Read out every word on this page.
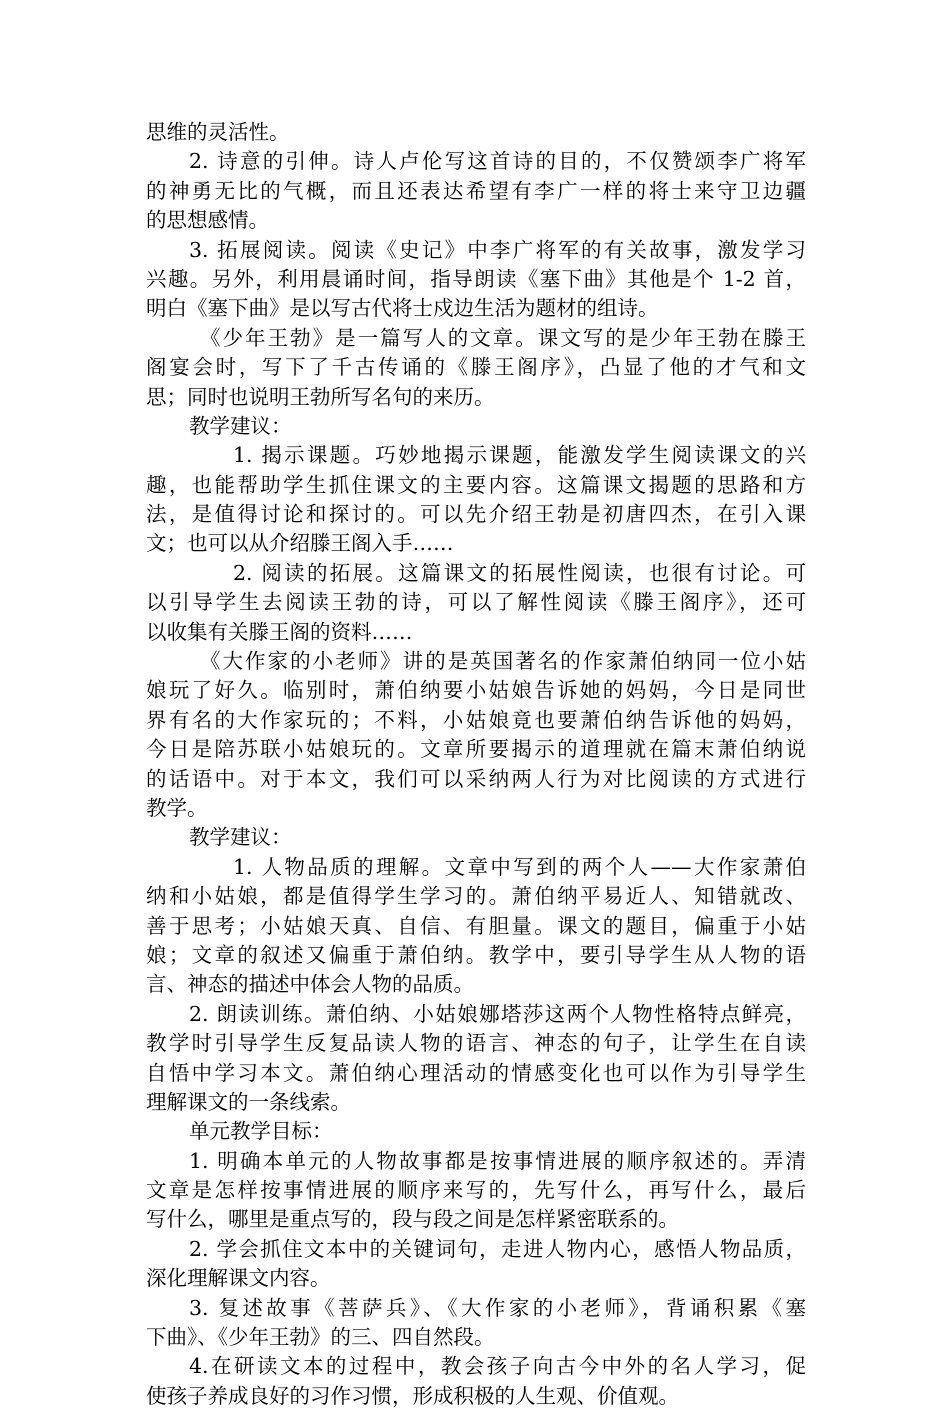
思维的灵活性。
2. 诗意的引伸。诗人卢伦写这首诗的目的，不仅赞颂李广将军
的神勇无比的气概，而且还表达希望有李广一样的将士来守卫边疆
的思想感情。
3. 拓展阅读。阅读《史记》中李广将军的有关故事，激发学习
兴趣。另外，利用晨诵时间，指导朗读《塞下曲》其他是个 1-2 首，
明白《塞下曲》是以写古代将士戍边生活为题材的组诗。
《少年王勃》是一篇写人的文章。课文写的是少年王勃在滕王
阁宴会时，写下了千古传诵的《滕王阁序》，凸显了他的才气和文
思；同时也说明王勃所写名句的来历。
教学建议：
1. 揭示课题。巧妙地揭示课题，能激发学生阅读课文的兴
趣，也能帮助学生抓住课文的主要内容。这篇课文揭题的思路和方
法，是值得讨论和探讨的。可以先介绍王勃是初唐四杰，在引入课
文；也可以从介绍滕王阁入手……
2. 阅读的拓展。这篇课文的拓展性阅读，也很有讨论。可
以引导学生去阅读王勃的诗，可以了解性阅读《滕王阁序》，还可
以收集有关滕王阁的资料……
《大作家的小老师》讲的是英国著名的作家萧伯纳同一位小姑
娘玩了好久。临别时，萧伯纳要小姑娘告诉她的妈妈，今日是同世
界有名的大作家玩的；不料，小姑娘竟也要萧伯纳告诉他的妈妈，
今日是陪苏联小姑娘玩的。文章所要揭示的道理就在篇末萧伯纳说
的话语中。对于本文，我们可以采纳两人行为对比阅读的方式进行
教学。
教学建议：
1. 人物品质的理解。文章中写到的两个人——大作家萧伯
纳和小姑娘，都是值得学生学习的。萧伯纳平易近人、知错就改、
善于思考；小姑娘天真、自信、有胆量。课文的题目，偏重于小姑
娘；文章的叙述又偏重于萧伯纳。教学中，要引导学生从人物的语
言、神态的描述中体会人物的品质。
2. 朗读训练。萧伯纳、小姑娘娜塔莎这两个人物性格特点鲜亮，
教学时引导学生反复品读人物的语言、神态的句子，让学生在自读
自悟中学习本文。萧伯纳心理活动的情感变化也可以作为引导学生
理解课文的一条线索。
单元教学目标：
1. 明确本单元的人物故事都是按事情进展的顺序叙述的。弄清
文章是怎样按事情进展的顺序来写的，先写什么，再写什么，最后
写什么，哪里是重点写的，段与段之间是怎样紧密联系的。
2. 学会抓住文本中的关键词句，走进人物内心，感悟人物品质，
深化理解课文内容。
3. 复述故事《菩萨兵》、《大作家的小老师》，背诵积累《塞
下曲》、《少年王勃》的三、四自然段。
4.在研读文本的过程中，教会孩子向古今中外的名人学习，促
使孩子养成良好的习作习惯，形成积极的人生观、价值观。
